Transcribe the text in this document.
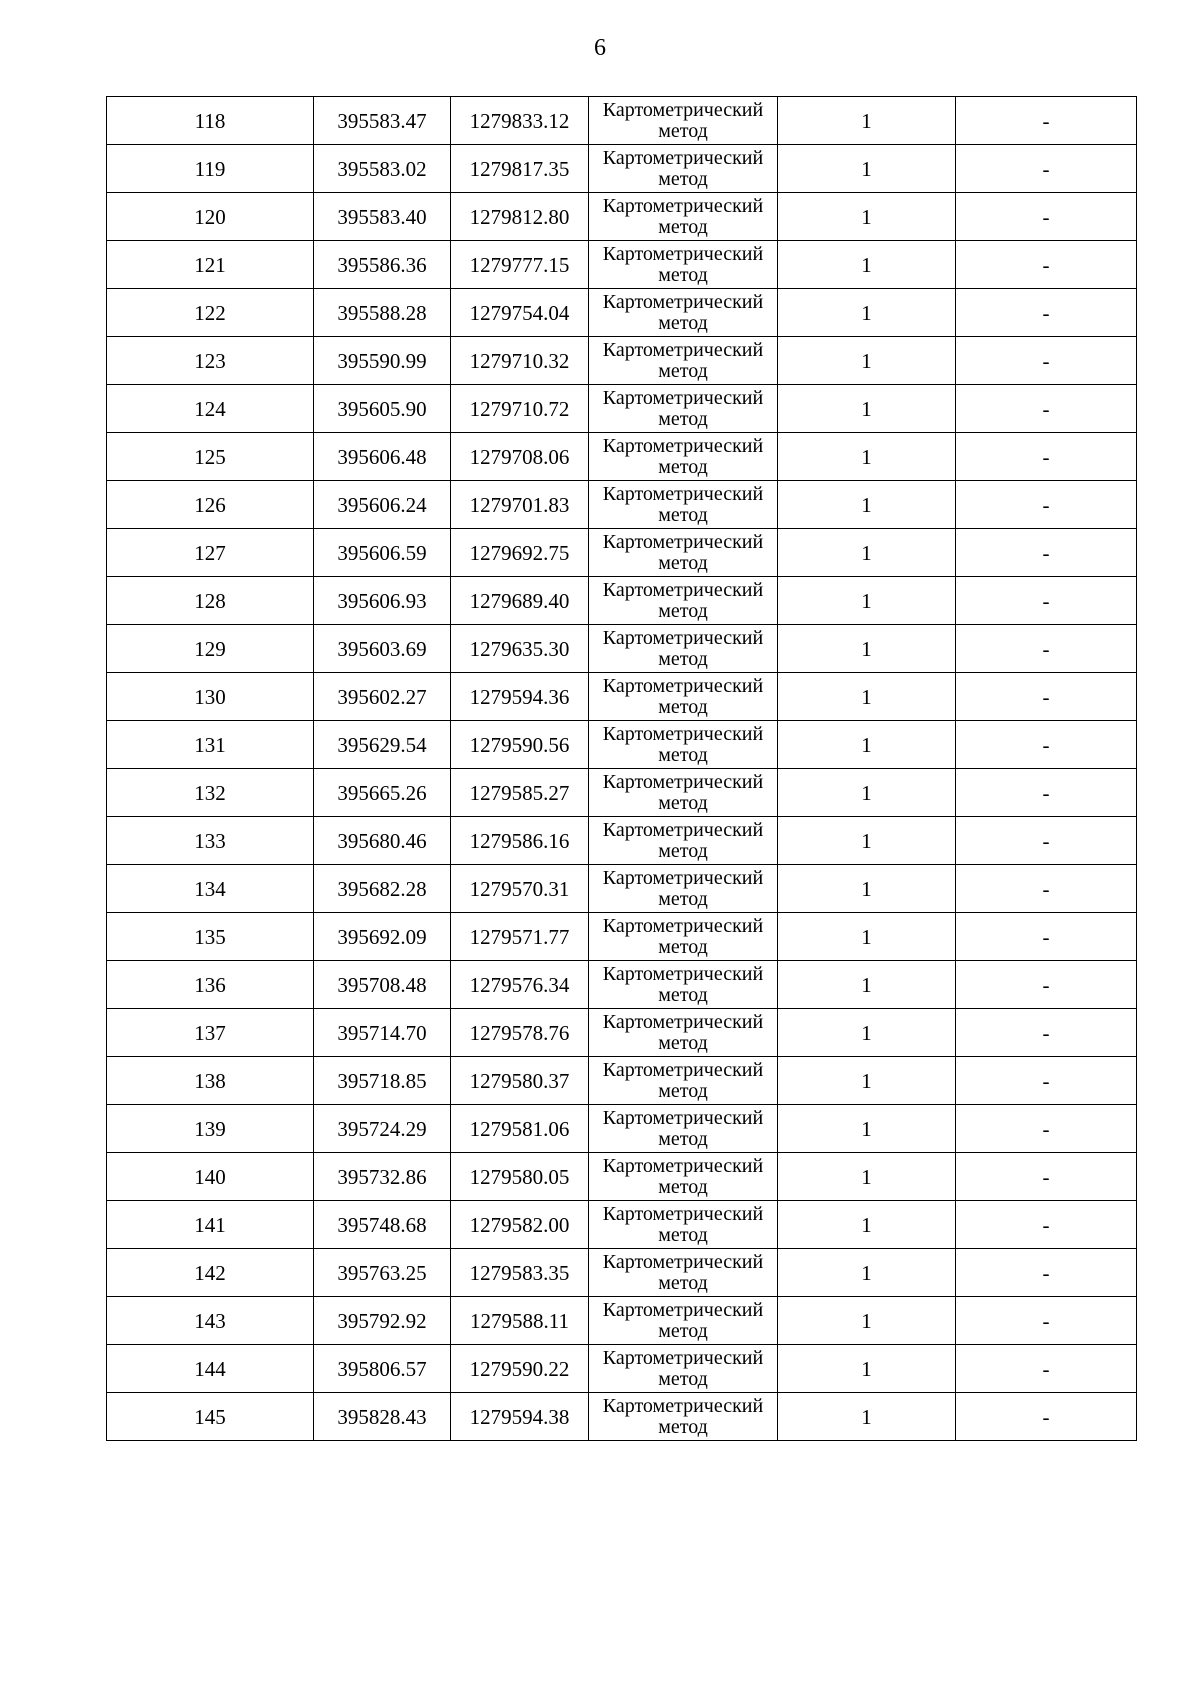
6
118	395583.47	1279833.12	Картометрический метод	1	-
119	395583.02	1279817.35	Картометрический метод	1	-
120	395583.40	1279812.80	Картометрический метод	1	-
121	395586.36	1279777.15	Картометрический метод	1	-
122	395588.28	1279754.04	Картометрический метод	1	-
123	395590.99	1279710.32	Картометрический метод	1	-
124	395605.90	1279710.72	Картометрический метод	1	-
125	395606.48	1279708.06	Картометрический метод	1	-
126	395606.24	1279701.83	Картометрический метод	1	-
127	395606.59	1279692.75	Картометрический метод	1	-
128	395606.93	1279689.40	Картометрический метод	1	-
129	395603.69	1279635.30	Картометрический метод	1	-
130	395602.27	1279594.36	Картометрический метод	1	-
131	395629.54	1279590.56	Картометрический метод	1	-
132	395665.26	1279585.27	Картометрический метод	1	-
133	395680.46	1279586.16	Картометрический метод	1	-
134	395682.28	1279570.31	Картометрический метод	1	-
135	395692.09	1279571.77	Картометрический метод	1	-
136	395708.48	1279576.34	Картометрический метод	1	-
137	395714.70	1279578.76	Картометрический метод	1	-
138	395718.85	1279580.37	Картометрический метод	1	-
139	395724.29	1279581.06	Картометрический метод	1	-
140	395732.86	1279580.05	Картометрический метод	1	-
141	395748.68	1279582.00	Картометрический метод	1	-
142	395763.25	1279583.35	Картометрический метод	1	-
143	395792.92	1279588.11	Картометрический метод	1	-
144	395806.57	1279590.22	Картометрический метод	1	-
145	395828.43	1279594.38	Картометрический метод	1	-
